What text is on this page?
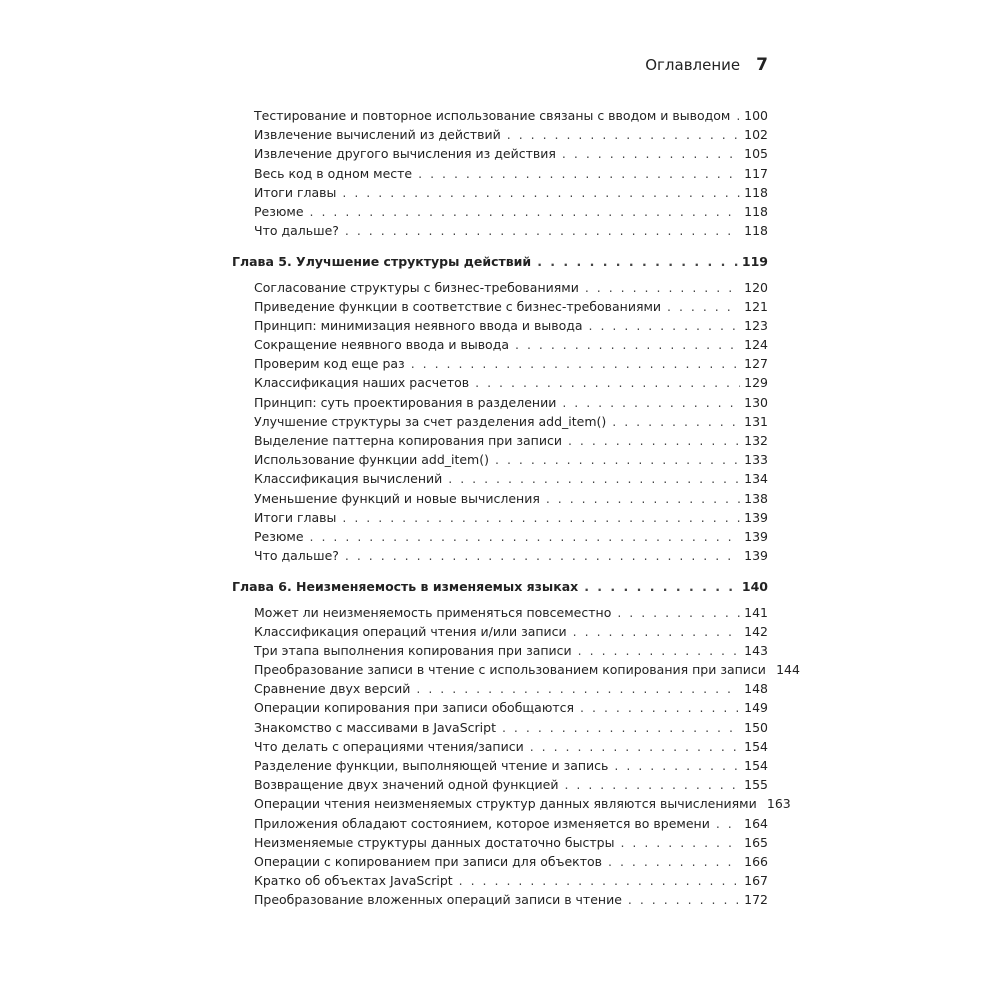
Оглавление 7
Тестирование и повторное использование связаны с вводом и выводом . . . 100
Извлечение вычислений из действий . . .	102
Извлечение другого вычисления из действия . . .	105
Весь код в одном месте . . .	117
Итоги главы . . .	118
Резюме . . .	118
Что дальше? . . .	118
Глава 5. Улучшение структуры действий . . .	119
Согласование структуры с бизнес-требованиями . . .	120
Приведение функции в соответствие с бизнес-требованиями . . .	121
Принцип: минимизация неявного ввода и вывода . . .	123
Сокращение неявного ввода и вывода . . .	124
Проверим код еще раз . . .	127
Классификация наших расчетов . . .	129
Принцип: суть проектирования в разделении . . .	130
Улучшение структуры за счет разделения add_item() . . .	131
Выделение паттерна копирования при записи . . .	132
Использование функции add_item() . . .	133
Классификация вычислений . . .	134
Уменьшение функций и новые вычисления . . .	138
Итоги главы . . .	139
Резюме . . .	139
Что дальше? . . .	139
Глава 6. Неизменяемость в изменяемых языках . . .	140
Может ли неизменяемость применяться повсеместно . . .	141
Классификация операций чтения и/или записи . . .	142
Три этапа выполнения копирования при записи . . .	143
Преобразование записи в чтение с использованием копирования при записи 144
Сравнение двух версий . . .	148
Операции копирования при записи обобщаются . . .	149
Знакомство с массивами в JavaScript . . .	150
Что делать с операциями чтения/записи . . .	154
Разделение функции, выполняющей чтение и запись . . .	154
Возвращение двух значений одной функцией . . .	155
Операции чтения неизменяемых структур данных являются вычислениями 163
Приложения обладают состоянием, которое изменяется во времени . . .	164
Неизменяемые структуры данных достаточно быстры . . .	165
Операции с копированием при записи для объектов . . .	166
Кратко об объектах JavaScript . . .	167
Преобразование вложенных операций записи в чтение . . .	172
